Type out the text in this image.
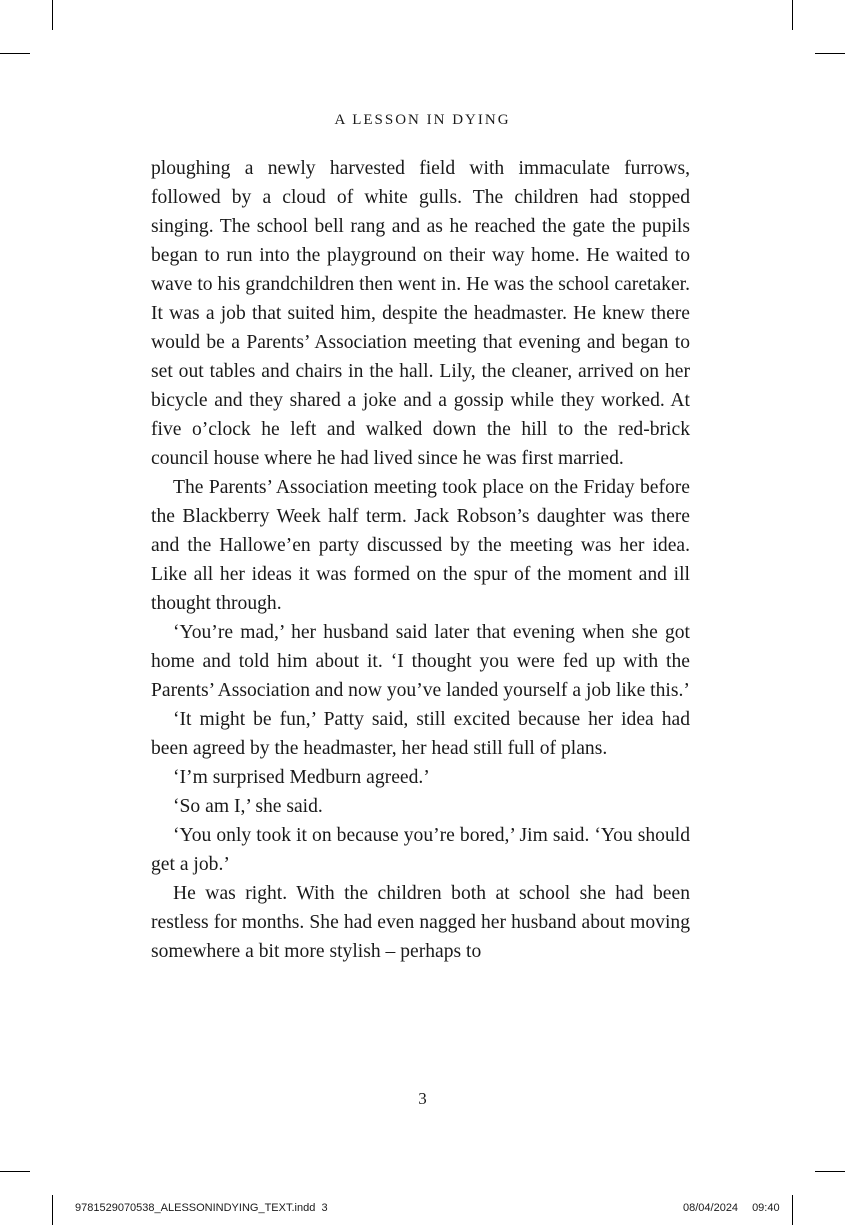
A LESSON IN DYING

ploughing a newly harvested field with immaculate furrows, followed by a cloud of white gulls. The children had stopped singing. The school bell rang and as he reached the gate the pupils began to run into the playground on their way home. He waited to wave to his grandchildren then went in. He was the school caretaker. It was a job that suited him, despite the headmaster. He knew there would be a Parents’ Association meeting that evening and began to set out tables and chairs in the hall. Lily, the cleaner, arrived on her bicycle and they shared a joke and a gossip while they worked. At five o’clock he left and walked down the hill to the red-brick council house where he had lived since he was first married.

The Parents’ Association meeting took place on the Friday before the Blackberry Week half term. Jack Robson’s daughter was there and the Hallowe’en party discussed by the meeting was her idea. Like all her ideas it was formed on the spur of the moment and ill thought through.

‘You’re mad,’ her husband said later that evening when she got home and told him about it. ‘I thought you were fed up with the Parents’ Association and now you’ve landed yourself a job like this.’

‘It might be fun,’ Patty said, still excited because her idea had been agreed by the headmaster, her head still full of plans.

‘I’m surprised Medburn agreed.’

‘So am I,’ she said.

‘You only took it on because you’re bored,’ Jim said. ‘You should get a job.’

He was right. With the children both at school she had been restless for months. She had even nagged her husband about moving somewhere a bit more stylish – perhaps to

3
9781529070538_ALESSONINDYING_TEXT.indd 3	08/04/2024 09:40
